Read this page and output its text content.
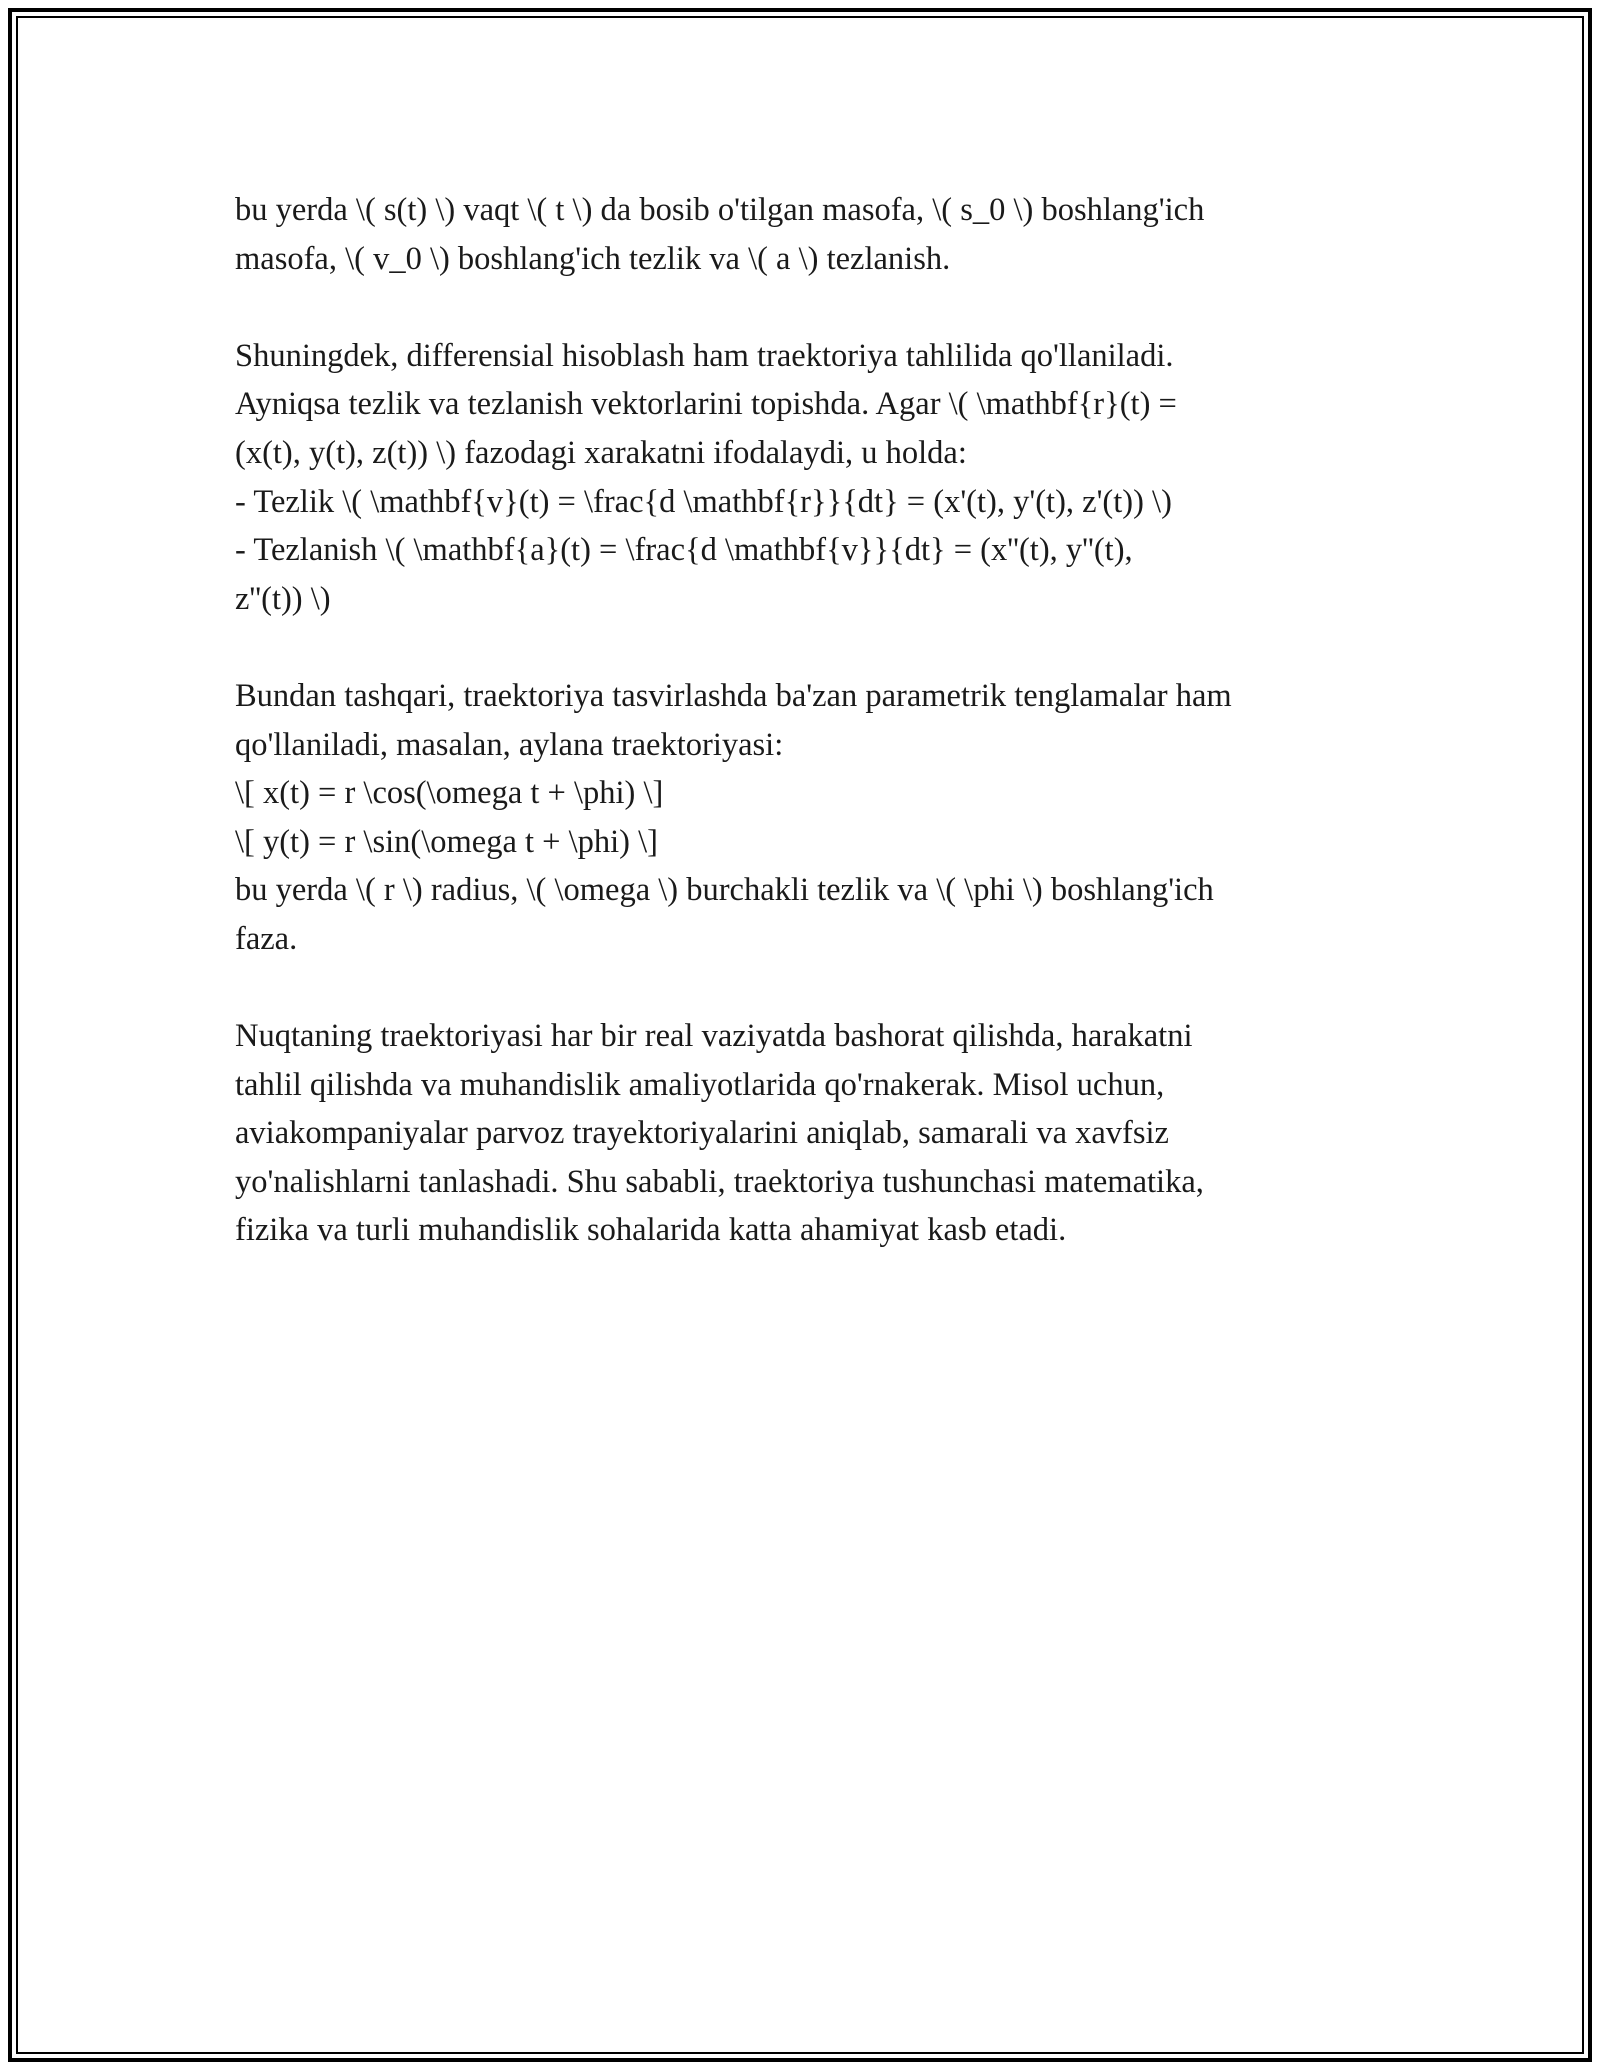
bu yerda \( s(t) \) vaqt \( t \) da bosib o'tilgan masofa, \( s_0 \) boshlang'ich
masofa, \( v_0 \) boshlang'ich tezlik va \( a \) tezlanish.

Shuningdek, differensial hisoblash ham traektoriya tahlilida qo'llaniladi.
Ayniqsa tezlik va tezlanish vektorlarini topishda. Agar \( \mathbf{r}(t) =
(x(t), y(t), z(t)) \) fazodagi xarakatni ifodalaydi, u holda:
- Tezlik \( \mathbf{v}(t) = \frac{d \mathbf{r}}{dt} = (x'(t), y'(t), z'(t)) \)
- Tezlanish \( \mathbf{a}(t) = \frac{d \mathbf{v}}{dt} = (x''(t), y''(t),
z''(t)) \)

Bundan tashqari, traektoriya tasvirlashda ba'zan parametrik tenglamalar ham
qo'llaniladi, masalan, aylana traektoriyasi:
\[ x(t) = r \cos(\omega t + \phi) \]
\[ y(t) = r \sin(\omega t + \phi) \]
bu yerda \( r \) radius, \( \omega \) burchakli tezlik va \( \phi \) boshlang'ich
faza.

Nuqtaning traektoriyasi har bir real vaziyatda bashorat qilishda, harakatni
tahlil qilishda va muhandislik amaliyotlarida qo'rnakerak. Misol uchun,
aviakompaniyalar parvoz trayektoriyalarini aniqlab, samarali va xavfsiz
yo'nalishlarni tanlashadi. Shu sababli, traektoriya tushunchasi matematika,
fizika va turli muhandislik sohalarida katta ahamiyat kasb etadi.
